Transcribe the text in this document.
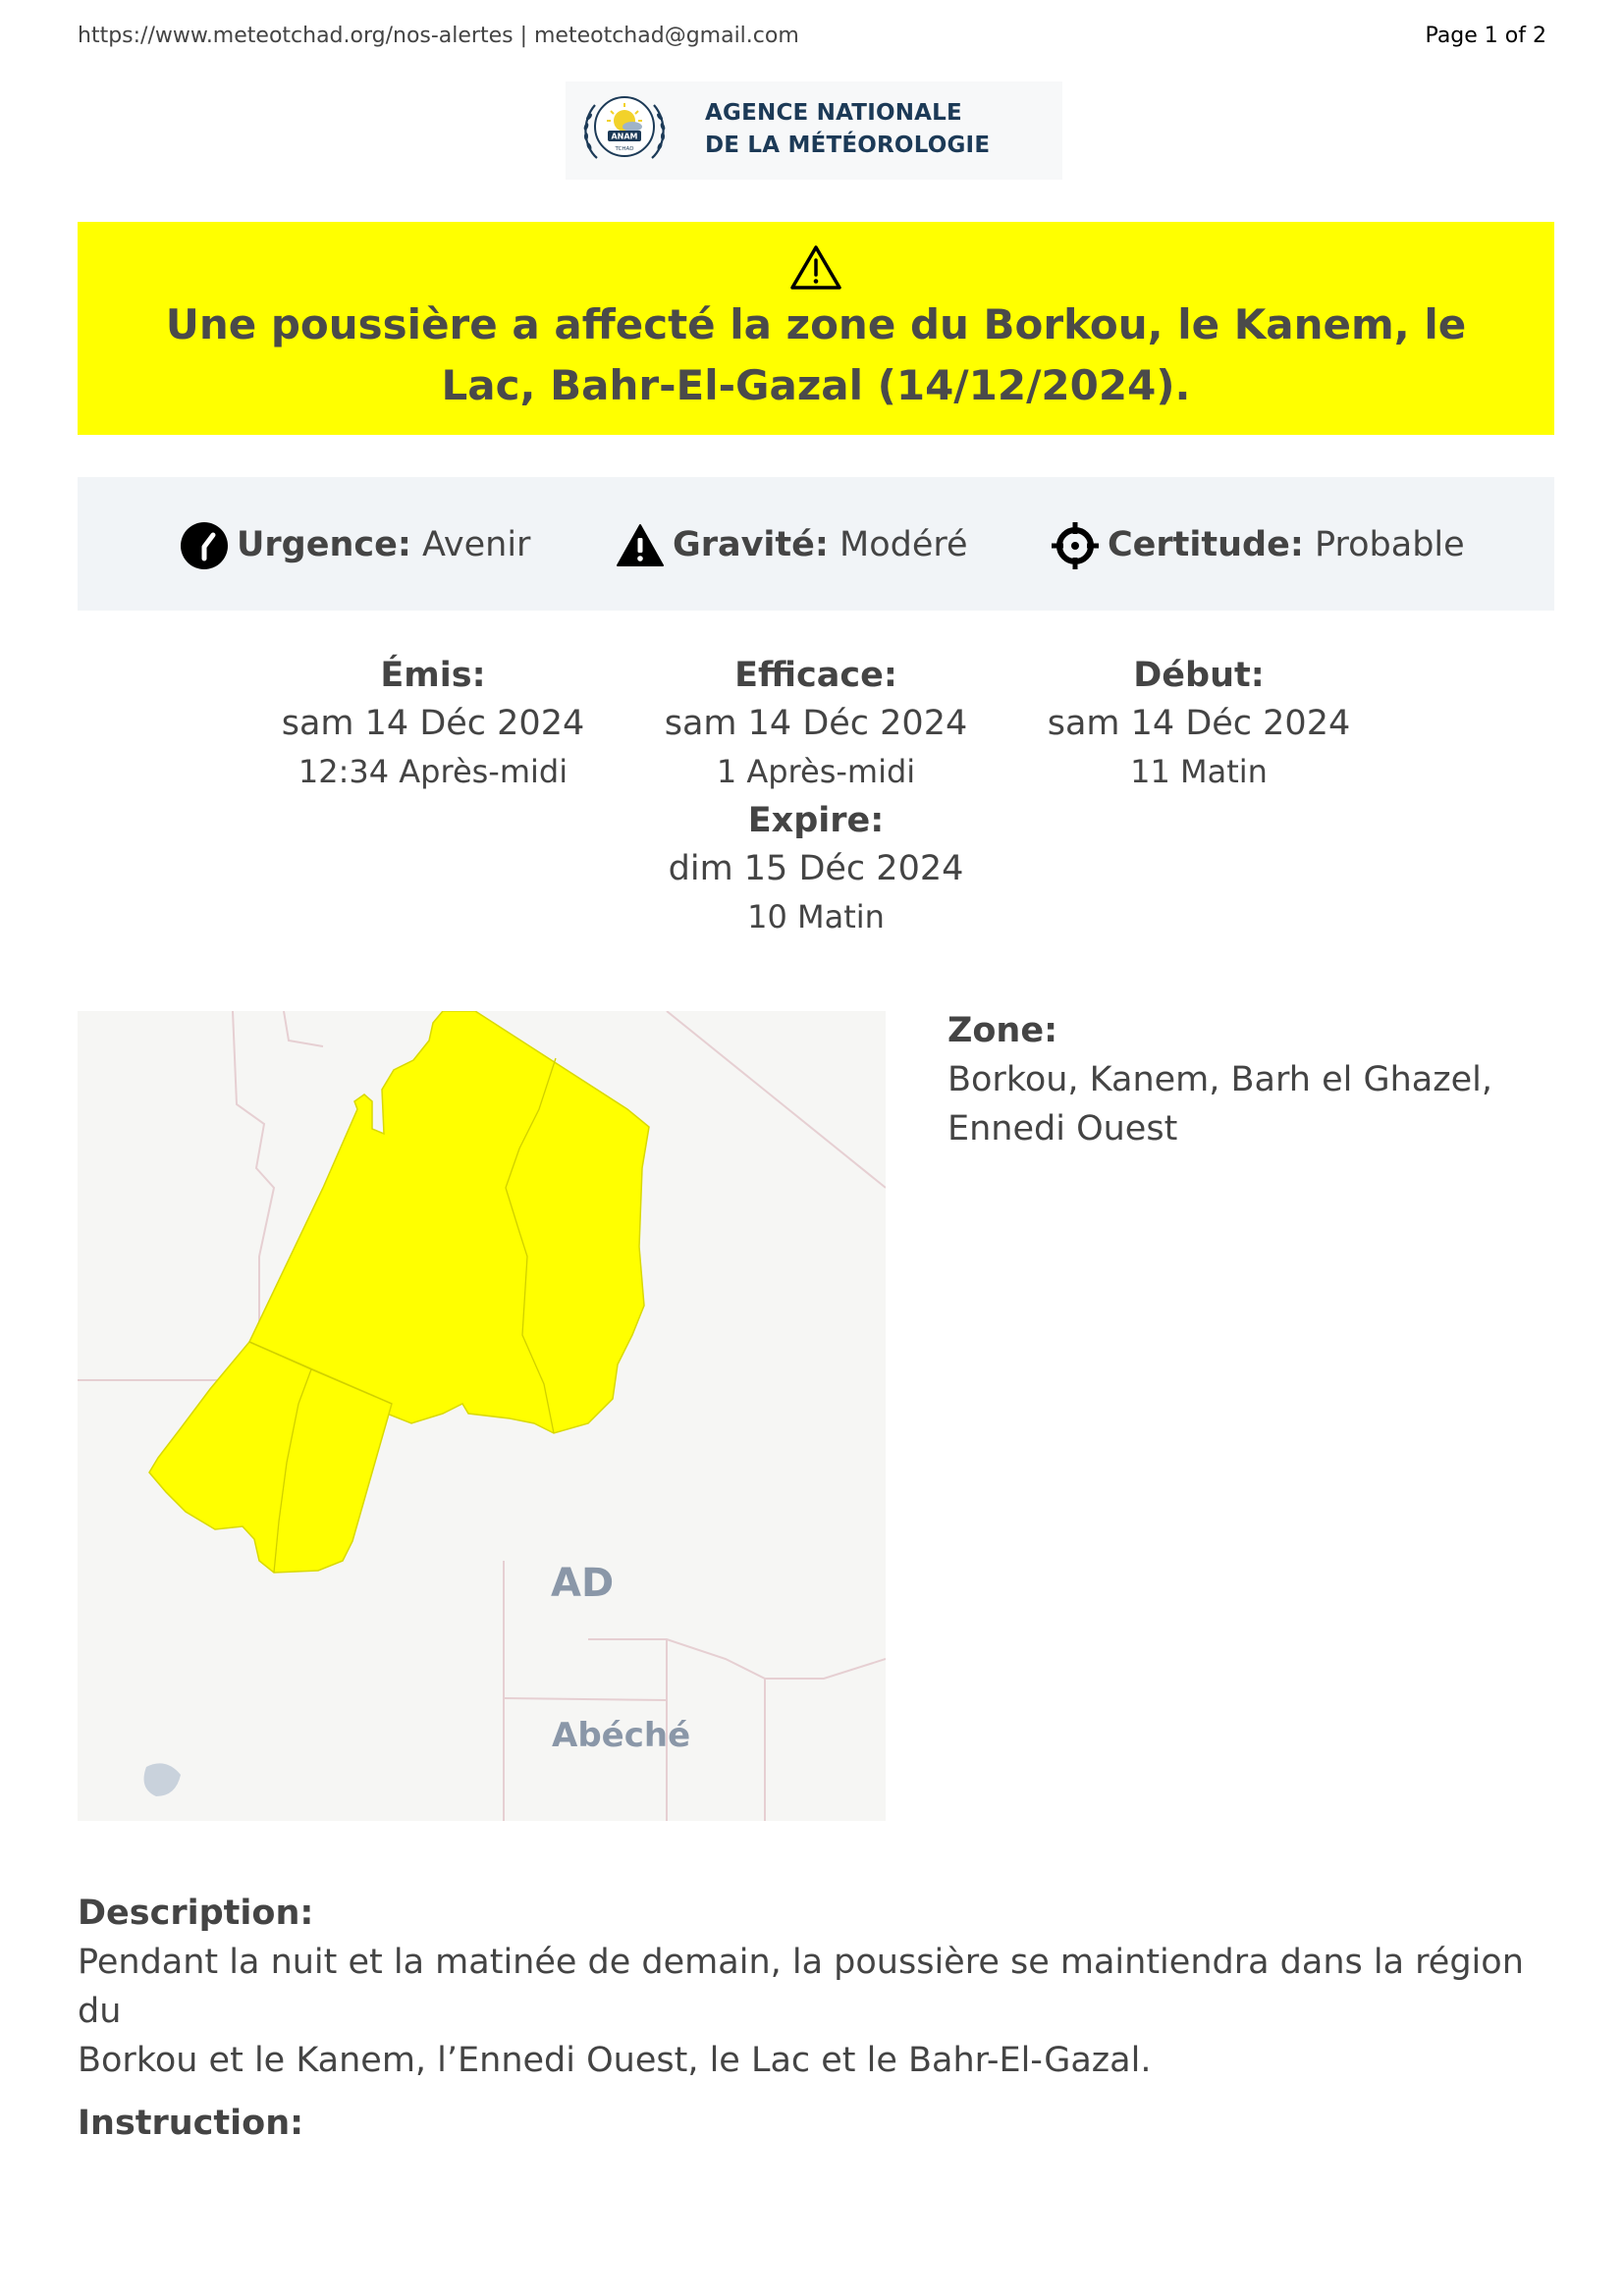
https://www.meteotchad.org/nos-alertes | meteotchad@gmail.com	Page 1 of 2
ANAM
TCHAD
AGENCE NATIONALE
DE LA MÉTÉOROLOGIE
Une poussière a affecté la zone du Borkou, le Kanem, le Lac, Bahr-El-Gazal (14/12/2024).
Urgence: Avenir	Gravité: Modéré	Certitude: Probable
Émis:
sam 14 Déc 2024
12:34 Après-midi
Efficace:
sam 14 Déc 2024
1 Après-midi
Début:
sam 14 Déc 2024
11 Matin
Expire:
dim 15 Déc 2024
10 Matin
AD
Abéché
Zone:
Borkou, Kanem, Barh el Ghazel,
Ennedi Ouest
Description:
Pendant la nuit et la matinée de demain, la poussière se maintiendra dans la région du
Borkou et le Kanem, l’Ennedi Ouest, le Lac et le Bahr-El-Gazal.
Instruction:
